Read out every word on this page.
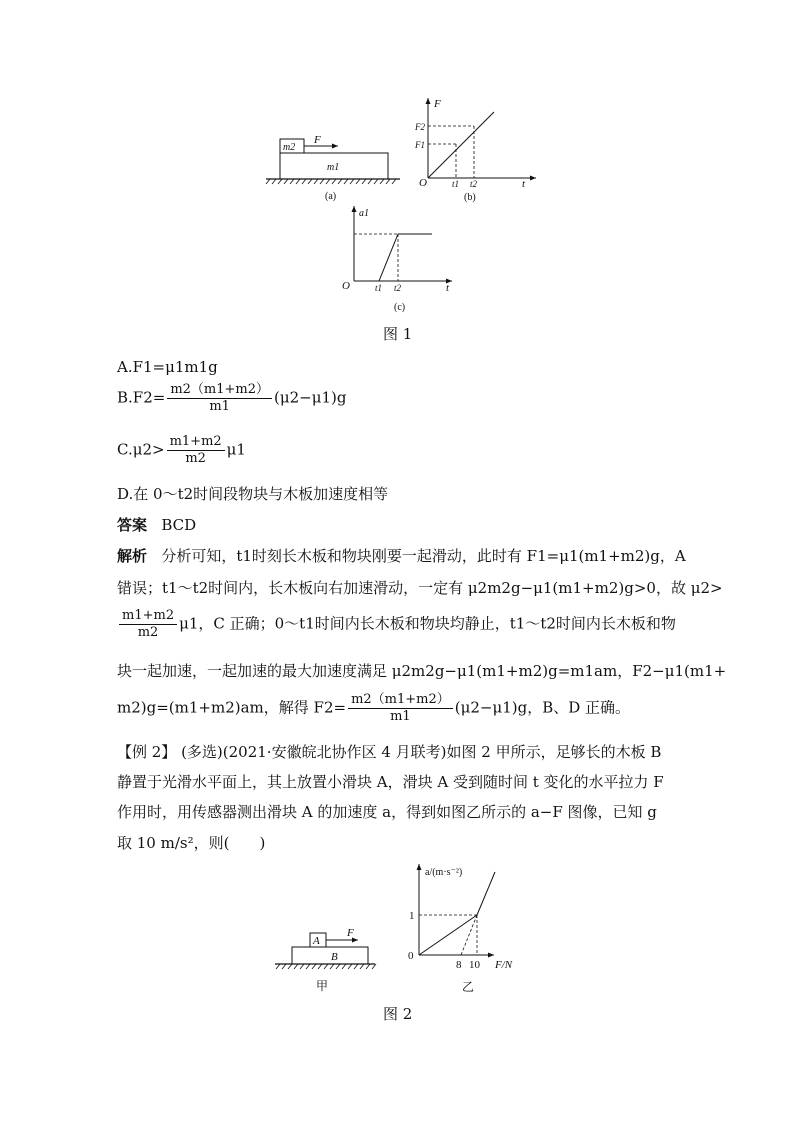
m2
F
m1
(a)
F
F2
F1
O	t1 t2	t
(b)
a1
O	t1 t2	t
(c)
图 1
A.F1=μ1m1g
$B.F2= \frac{m2(m1+m2)}{m1} (\mu 2-\mu 1)g$
$C.\mu 2> \frac{m1+m2}{m2} \mu 1$
D.在 0～t2时间段物块与木板加速度相等
答案 BCD
解析 分析可知，t1时刻长木板和物块刚要一起滑动，此时有 F1=μ1(m1+m2)g，A
错误；t1～t2时间内，长木板向右加速滑动，一定有 μ2m2g−μ1(m1+m2)g>0，故 μ2>
$\frac{m1+m2}{m2} \mu 1$，C 正确；0～t1时间内长木板和物块均静止，t1～t2时间内长木板和物
块一起加速，一起加速的最大加速度满足 μ2m2g−μ1(m1+m2)g=m1am，F2−μ1(m1+
m2)g=(m1+m2)am，解得 $F2= \frac{m2(m1+m2)}{m1} (\mu 2-\mu 1)g$，B、D 正确。
【例 2】 (多选)(2021·安徽皖北协作区 4 月联考)如图 2 甲所示，足够长的木板 B
静置于光滑水平面上，其上放置小滑块 A，滑块 A 受到随时间 t 变化的水平拉力 F
作用时，用传感器测出滑块 A 的加速度 a，得到如图乙所示的 a−F 图像，已知 g
取 10 m/s²，则(　　)
A
F
B
甲
a/(m·s⁻²)
1
0
8 10 F/N
乙
图 2
